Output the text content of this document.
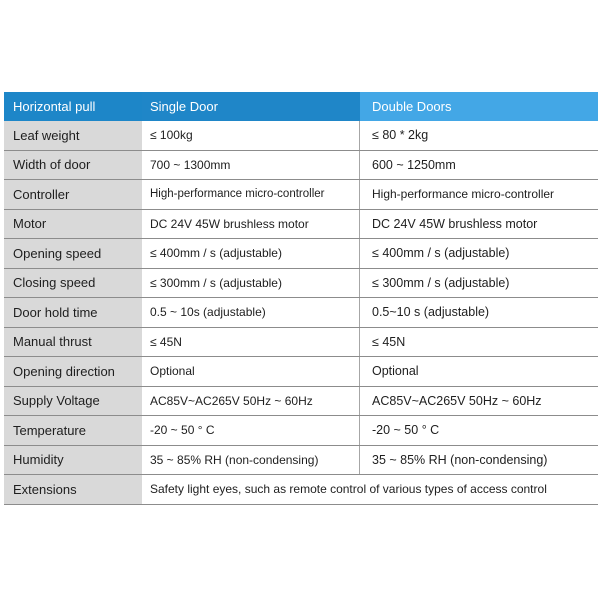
Horizontal pull	Single Door	Double Doors
Leaf weight	≤ 100kg	≤ 80 * 2kg
Width of door	700 ~ 1300mm	600 ~ 1250mm
Controller	High-performance micro-controller	High-performance micro-controller
Motor	DC 24V 45W brushless motor	DC 24V 45W brushless motor
Opening speed	≤ 400mm / s (adjustable)	≤ 400mm / s (adjustable)
Closing speed	≤ 300mm / s (adjustable)	≤ 300mm / s (adjustable)
Door hold time	0.5 ~ 10s (adjustable)	0.5~10 s (adjustable)
Manual thrust	≤ 45N	≤ 45N
Opening direction	Optional	Optional
Supply Voltage	AC85V~AC265V 50Hz ~ 60Hz	AC85V~AC265V 50Hz ~ 60Hz
Temperature	-20 ~ 50 ° C	-20 ~ 50 ° C
Humidity	35 ~ 85% RH (non-condensing)	35 ~ 85% RH (non-condensing)
Extensions	Safety light eyes, such as remote control of various types of access control
